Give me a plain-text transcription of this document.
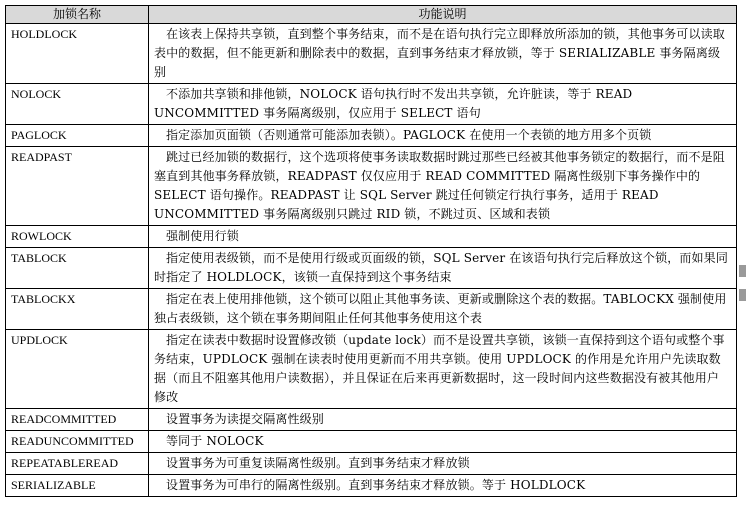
加锁名称	功能说明
HOLDLOCK	在该表上保持共享锁，直到整个事务结束，而不是在语句执行完立即释放所添加的锁，其他事务可以读取表中的数据，但不能更新和删除表中的数据，直到事务结束才释放锁，等于 SERIALIZABLE 事务隔离级别
NOLOCK	不添加共享锁和排他锁，NOLOCK 语句执行时不发出共享锁，允许脏读，等于 READ UNCOMMITTED 事务隔离级别，仅应用于 SELECT 语句
PAGLOCK	指定添加页面锁（否则通常可能添加表锁）。PAGLOCK 在使用一个表锁的地方用多个页锁
READPAST	跳过已经加锁的数据行，这个选项将使事务读取数据时跳过那些已经被其他事务锁定的数据行，而不是阻塞直到其他事务释放锁，READPAST 仅仅应用于 READ COMMITTED 隔离性级别下事务操作中的 SELECT 语句操作。READPAST 让 SQL Server 跳过任何锁定行执行事务，适用于 READ UNCOMMITTED 事务隔离级别只跳过 RID 锁，不跳过页、区域和表锁
ROWLOCK	强制使用行锁
TABLOCK	指定使用表级锁，而不是使用行级或页面级的锁，SQL Server 在该语句执行完后释放这个锁，而如果同时指定了 HOLDLOCK，该锁一直保持到这个事务结束
TABLOCKX	指定在表上使用排他锁，这个锁可以阻止其他事务读、更新或删除这个表的数据。TABLOCKX 强制使用独占表级锁，这个锁在事务期间阻止任何其他事务使用这个表
UPDLOCK	指定在读表中数据时设置修改锁（update lock）而不是设置共享锁，该锁一直保持到这个语句或整个事务结束，UPDLOCK 强制在读表时使用更新而不用共享锁。使用 UPDLOCK 的作用是允许用户先读取数据（而且不阻塞其他用户读数据），并且保证在后来再更新数据时，这一段时间内这些数据没有被其他用户修改
READCOMMITTED	设置事务为读提交隔离性级别
READUNCOMMITTED	等同于 NOLOCK
REPEATABLEREAD	设置事务为可重复读隔离性级别。直到事务结束才释放锁
SERIALIZABLE	设置事务为可串行的隔离性级别。直到事务结束才释放锁。等于 HOLDLOCK
